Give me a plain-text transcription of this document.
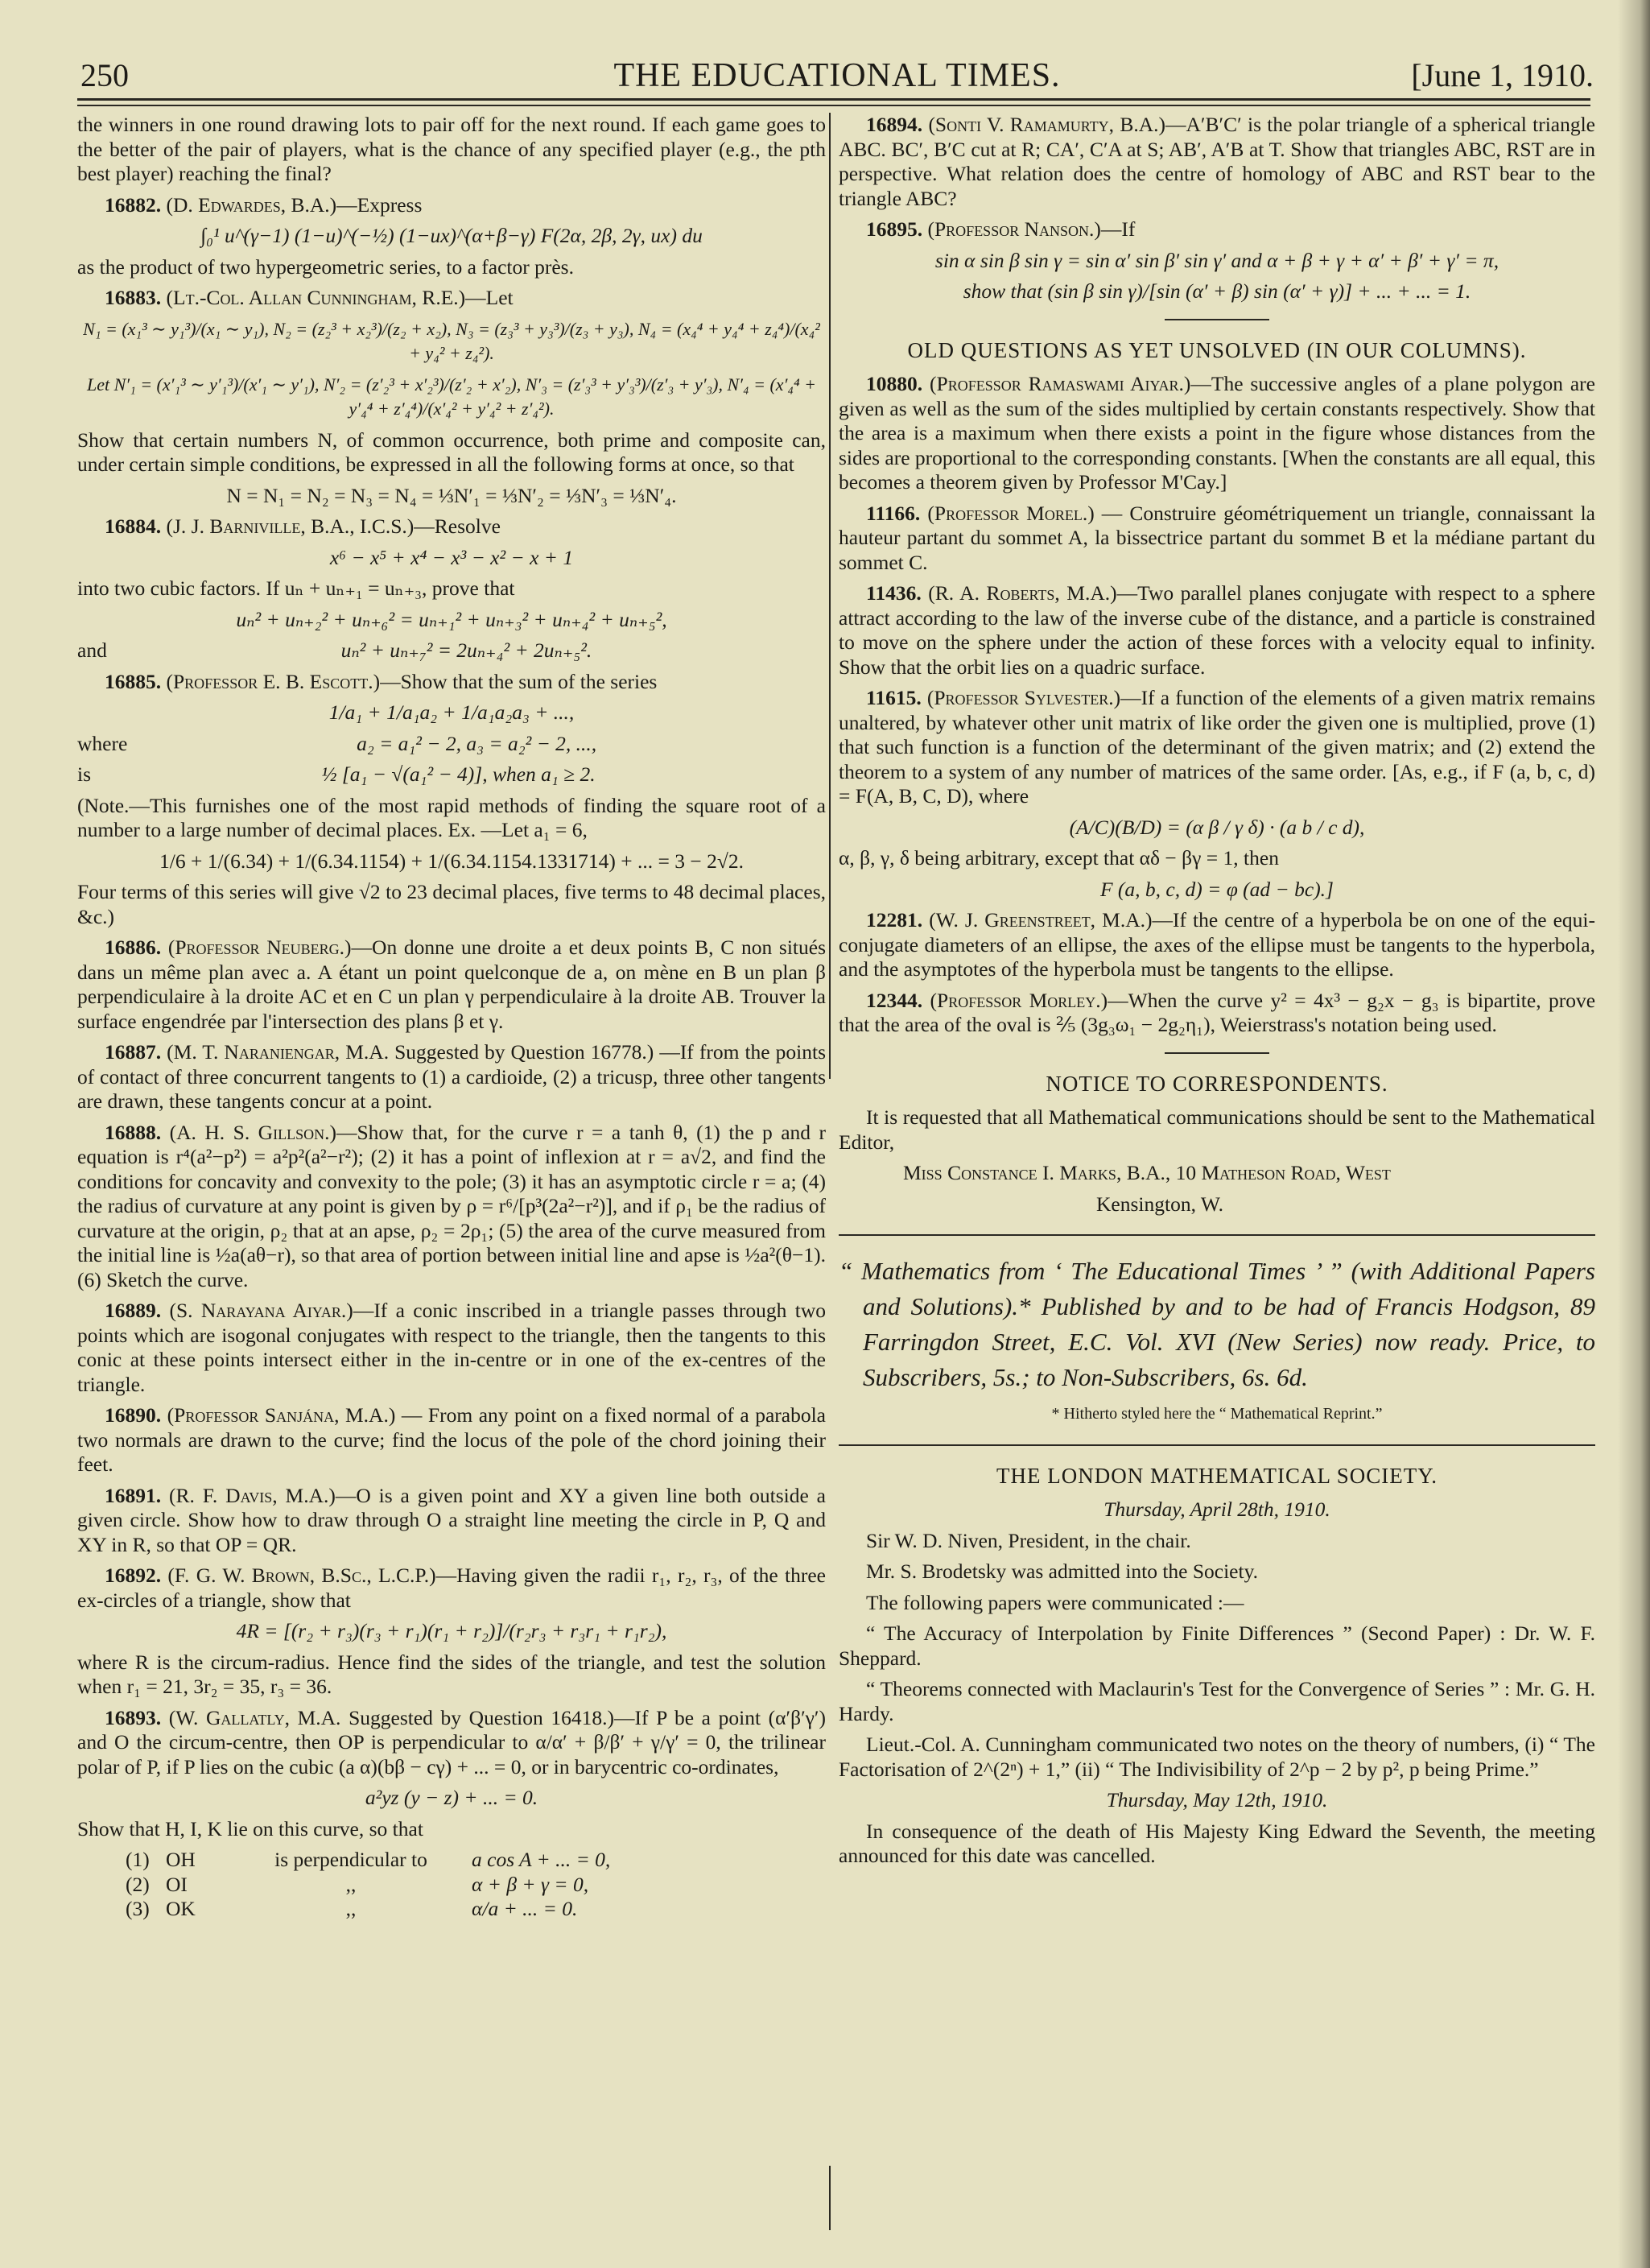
250	THE EDUCATIONAL TIMES.	[June 1, 1910.

the winners in one round drawing lots to pair off for the next round. If each game goes to the better of the pair of players, what is the chance of any specified player (e.g., the pth best player) reaching the final?

16882. (D. Edwardes, B.A.)—Express

∫₀¹ u^(γ−1) (1−u)^(−½) (1−ux)^(α+β−γ) F(2α, 2β, 2γ, ux) du

as the product of two hypergeometric series, to a factor près.

16883. (Lt.-Col. Allan Cunningham, R.E.)—Let

N₁ = (x₁³ ∼ y₁³)/(x₁ ∼ y₁), N₂ = (z₂³ + x₂³)/(z₂ + x₂), N₃ = (z₃³ + y₃³)/(z₃ + y₃), N₄ = (x₄⁴ + y₄⁴ + z₄⁴)/(x₄² + y₄² + z₄²).
Let N′₁ = (x′₁³ ∼ y′₁³)/(x′₁ ∼ y′₁), N′₂ = (z′₂³ + x′₂³)/(z′₂ + x′₂), N′₃ = (z′₃³ + y′₃³)/(z′₃ + y′₃), N′₄ = (x′₄⁴ + y′₄⁴ + z′₄⁴)/(x′₄² + y′₄² + z′₄²).

Show that certain numbers N, of common occurrence, both prime and composite can, under certain simple conditions, be expressed in all the following forms at once, so that

N = N₁ = N₂ = N₃ = N₄ = ⅓N′₁ = ⅓N′₂ = ⅓N′₃ = ⅓N′₄.

16884. (J. J. Barniville, B.A., I.C.S.)—Resolve

x⁶ − x⁵ + x⁴ − x³ − x² − x + 1

into two cubic factors. If uₙ + uₙ₊₁ = uₙ₊₃, prove that

uₙ² + uₙ₊₂² + uₙ₊₆² = uₙ₊₁² + uₙ₊₃² + uₙ₊₄² + uₙ₊₅²,
and	uₙ² + uₙ₊₇² = 2uₙ₊₄² + 2uₙ₊₅².

16885. (Professor E. B. Escott.)—Show that the sum of the series

1/a₁ + 1/a₁a₂ + 1/a₁a₂a₃ + ...,
where	a₂ = a₁² − 2, a₃ = a₂² − 2, ...,
is	½ [a₁ − √(a₁² − 4)], when a₁ ≥ 2.

(Note.—This furnishes one of the most rapid methods of finding the square root of a number to a large number of decimal places. Ex. —Let a₁ = 6,

1/6 + 1/(6.34) + 1/(6.34.1154) + 1/(6.34.1154.1331714) + ... = 3 − 2√2.

Four terms of this series will give √2 to 23 decimal places, five terms to 48 decimal places, &c.)

16886. (Professor Neuberg.)—On donne une droite a et deux points B, C non situés dans un même plan avec a. A étant un point quelconque de a, on mène en B un plan β perpendiculaire à la droite AC et en C un plan γ perpendiculaire à la droite AB. Trouver la surface engendrée par l'intersection des plans β et γ.

16887. (M. T. Naraniengar, M.A. Suggested by Question 16778.) —If from the points of contact of three concurrent tangents to (1) a cardioide, (2) a tricusp, three other tangents are drawn, these tangents concur at a point.

16888. (A. H. S. Gillson.)—Show that, for the curve r = a tanh θ, (1) the p and r equation is r⁴(a²−p²) = a²p²(a²−r²); (2) it has a point of inflexion at r = a√2, and find the conditions for concavity and convexity to the pole; (3) it has an asymptotic circle r = a; (4) the radius of curvature at any point is given by ρ = r⁶/[p³(2a²−r²)], and if ρ₁ be the radius of curvature at the origin, ρ₂ that at an apse, ρ₂ = 2ρ₁; (5) the area of the curve measured from the initial line is ½a(aθ−r), so that area of portion between initial line and apse is ½a²(θ−1). (6) Sketch the curve.

16889. (S. Narayana Aiyar.)—If a conic inscribed in a triangle passes through two points which are isogonal conjugates with respect to the triangle, then the tangents to this conic at these points intersect either in the in-centre or in one of the ex-centres of the triangle.

16890. (Professor Sanjána, M.A.) — From any point on a fixed normal of a parabola two normals are drawn to the curve; find the locus of the pole of the chord joining their feet.

16891. (R. F. Davis, M.A.)—O is a given point and XY a given line both outside a given circle. Show how to draw through O a straight line meeting the circle in P, Q and XY in R, so that OP = QR.

16892. (F. G. W. Brown, B.Sc., L.C.P.)—Having given the radii r₁, r₂, r₃, of the three ex-circles of a triangle, show that

4R = [(r₂ + r₃)(r₃ + r₁)(r₁ + r₂)]/(r₂r₃ + r₃r₁ + r₁r₂),

where R is the circum-radius. Hence find the sides of the triangle, and test the solution when r₁ = 21, 3r₂ = 35, r₃ = 36.

16893. (W. Gallatly, M.A. Suggested by Question 16418.)—If P be a point (α′β′γ′) and O the circum-centre, then OP is perpendicular to α/α′ + β/β′ + γ/γ′ = 0, the trilinear polar of P, if P lies on the cubic (a α)(bβ − cγ) + ... = 0, or in barycentric co-ordinates,

a²yz (y − z) + ... = 0.

Show that H, I, K lie on this curve, so that

(1) OH	is perpendicular to	a cos A + ... = 0,
(2) OI	,,	α + β + γ = 0,
(3) OK	,,	α/a + ... = 0.

16894. (Sonti V. Ramamurty, B.A.)—A′B′C′ is the polar triangle of a spherical triangle ABC. BC′, B′C cut at R; CA′, C′A at S; AB′, A′B at T. Show that triangles ABC, RST are in perspective. What relation does the centre of homology of ABC and RST bear to the triangle ABC?

16895. (Professor Nanson.)—If

sin α sin β sin γ = sin α′ sin β′ sin γ′ and α + β + γ + α′ + β′ + γ′ = π,
show that (sin β sin γ)/[sin (α′ + β) sin (α′ + γ)] + ... + ... = 1.
OLD QUESTIONS AS YET UNSOLVED (IN OUR COLUMNS).

10880. (Professor Ramaswami Aiyar.)—The successive angles of a plane polygon are given as well as the sum of the sides multiplied by certain constants respectively. Show that the area is a maximum when there exists a point in the figure whose distances from the sides are proportional to the corresponding constants. [When the constants are all equal, this becomes a theorem given by Professor M'Cay.]

11166. (Professor Morel.) — Construire géométriquement un triangle, connaissant la hauteur partant du sommet A, la bissectrice partant du sommet B et la médiane partant du sommet C.

11436. (R. A. Roberts, M.A.)—Two parallel planes conjugate with respect to a sphere attract according to the law of the inverse cube of the distance, and a particle is constrained to move on the sphere under the action of these forces with a velocity equal to infinity. Show that the orbit lies on a quadric surface.

11615. (Professor Sylvester.)—If a function of the elements of a given matrix remains unaltered, by whatever other unit matrix of like order the given one is multiplied, prove (1) that such function is a function of the determinant of the given matrix; and (2) extend the theorem to a system of any number of matrices of the same order. [As, e.g., if F (a, b, c, d) = F(A, B, C, D), where

(A/C)(B/D) = (α β / γ δ) · (a b / c d),

α, β, γ, δ being arbitrary, except that αδ − βγ = 1, then

F (a, b, c, d) = φ (ad − bc).]

12281. (W. J. Greenstreet, M.A.)—If the centre of a hyperbola be on one of the equi-conjugate diameters of an ellipse, the axes of the ellipse must be tangents to the hyperbola, and the asymptotes of the hyperbola must be tangents to the ellipse.

12344. (Professor Morley.)—When the curve y² = 4x³ − g₂x − g₃ is bipartite, prove that the area of the oval is ⅖ (3g₃ω₁ − 2g₂η₁), Weierstrass's notation being used.

NOTICE TO CORRESPONDENTS.

It is requested that all Mathematical communications should be sent to the Mathematical Editor,

Miss Constance I. Marks, B.A., 10 Matheson Road, West

Kensington, W.

“ Mathematics from ‘ The Educational Times ’ ” (with Additional Papers and Solutions).* Published by and to be had of Francis Hodgson, 89 Farringdon Street, E.C. Vol. XVI (New Series) now ready. Price, to Subscribers, 5s.; to Non-Subscribers, 6s. 6d.

* Hitherto styled here the “ Mathematical Reprint.”
THE LONDON MATHEMATICAL SOCIETY.

Thursday, April 28th, 1910.

Sir W. D. Niven, President, in the chair.

Mr. S. Brodetsky was admitted into the Society.

The following papers were communicated :—

“ The Accuracy of Interpolation by Finite Differences ” (Second Paper) : Dr. W. F. Sheppard.

“ Theorems connected with Maclaurin's Test for the Convergence of Series ” : Mr. G. H. Hardy.

Lieut.-Col. A. Cunningham communicated two notes on the theory of numbers, (i) “ The Factorisation of 2^(2ⁿ) + 1,” (ii) “ The Indivisibility of 2^p − 2 by p², p being Prime.”

Thursday, May 12th, 1910.

In consequence of the death of His Majesty King Edward the Seventh, the meeting announced for this date was cancelled.
